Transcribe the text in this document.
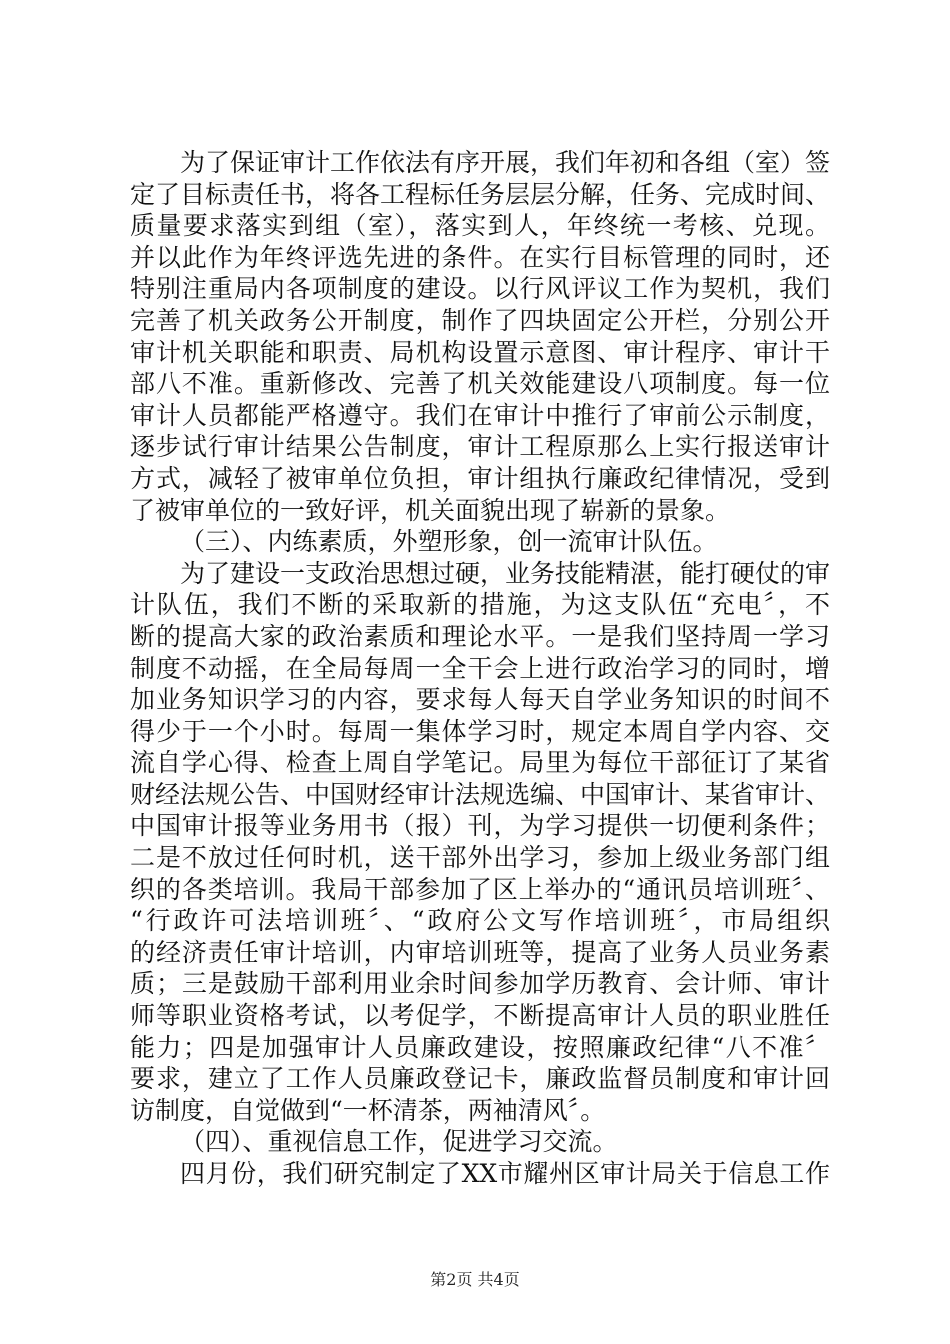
为了保证审计工作依法有序开展，我们年初和各组（室）签
定了目标责任书，将各工程标任务层层分解，任务、完成时间、
质量要求落实到组（室），落实到人，年终统一考核、兑现。
并以此作为年终评选先进的条件。在实行目标管理的同时，还
特别注重局内各项制度的建设。以行风评议工作为契机，我们
完善了机关政务公开制度，制作了四块固定公开栏，分别公开
审计机关职能和职责、局机构设置示意图、审计程序、审计干
部八不准。重新修改、完善了机关效能建设八项制度。每一位
审计人员都能严格遵守。我们在审计中推行了审前公示制度，
逐步试行审计结果公告制度，审计工程原那么上实行报送审计
方式，减轻了被审单位负担，审计组执行廉政纪律情况，受到
了被审单位的一致好评，机关面貌出现了崭新的景象。
（三）、内练素质，外塑形象，创一流审计队伍。
为了建设一支政治思想过硬，业务技能精湛，能打硬仗的审
计队伍，我们不断的采取新的措施，为这支队伍“充电〞，不
断的提高大家的政治素质和理论水平。一是我们坚持周一学习
制度不动摇，在全局每周一全干会上进行政治学习的同时，增
加业务知识学习的内容，要求每人每天自学业务知识的时间不
得少于一个小时。每周一集体学习时，规定本周自学内容、交
流自学心得、检查上周自学笔记。局里为每位干部征订了某省
财经法规公告、中国财经审计法规选编、中国审计、某省审计、
中国审计报等业务用书（报）刊，为学习提供一切便利条件；
二是不放过任何时机，送干部外出学习，参加上级业务部门组
织的各类培训。我局干部参加了区上举办的“通讯员培训班〞、
“行政许可法培训班〞、“政府公文写作培训班〞，市局组织
的经济责任审计培训，内审培训班等，提高了业务人员业务素
质；三是鼓励干部利用业余时间参加学历教育、会计师、审计
师等职业资格考试，以考促学，不断提高审计人员的职业胜任
能力；四是加强审计人员廉政建设，按照廉政纪律“八不准〞
要求，建立了工作人员廉政登记卡，廉政监督员制度和审计回
访制度，自觉做到“一杯清茶，两袖清风〞。
（四）、重视信息工作，促进学习交流。
四月份，我们研究制定了XX市耀州区审计局关于信息工作
第2页 共4页
